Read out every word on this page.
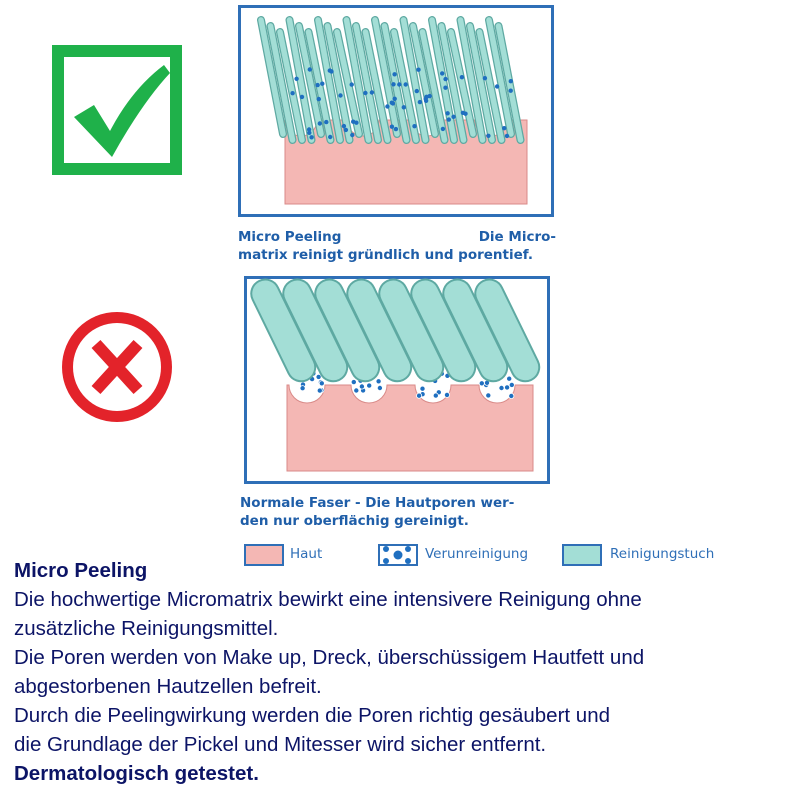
Micro Peeling	Die Micro-
matrix reinigt gründlich und porentief.
Normale Faser - Die Hautporen wer-
den nur oberflächig gereinigt.
Haut	Verunreinigung	Reinigungstuch
Micro Peeling
Die hochwertige Micromatrix bewirkt eine intensivere Reinigung ohne
zusätzliche Reinigungsmittel.
Die Poren werden von Make up, Dreck, überschüssigem Hautfett und
abgestorbenen Hautzellen befreit.
Durch die Peelingwirkung werden die Poren richtig gesäubert und
die Grundlage der Pickel und Mitesser wird sicher entfernt.
Dermatologisch getestet.
